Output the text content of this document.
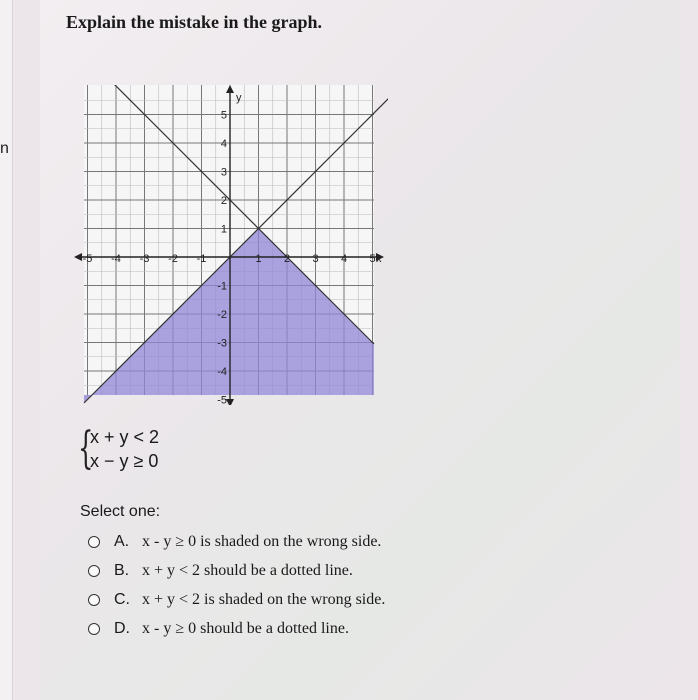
n
Explain the mistake in the graph.
-5 -4 -3 -2 -1	1 2 3 4 5
5
4
3
2
1
-1
-2
-3
-4
-5
x
y
{
x + y < 2
x − y ≥ 0
Select one:
A. x - y ≥ 0 is shaded on the wrong side.
B. x + y < 2 should be a dotted line.
C. x + y < 2 is shaded on the wrong side.
D. x - y ≥ 0 should be a dotted line.
